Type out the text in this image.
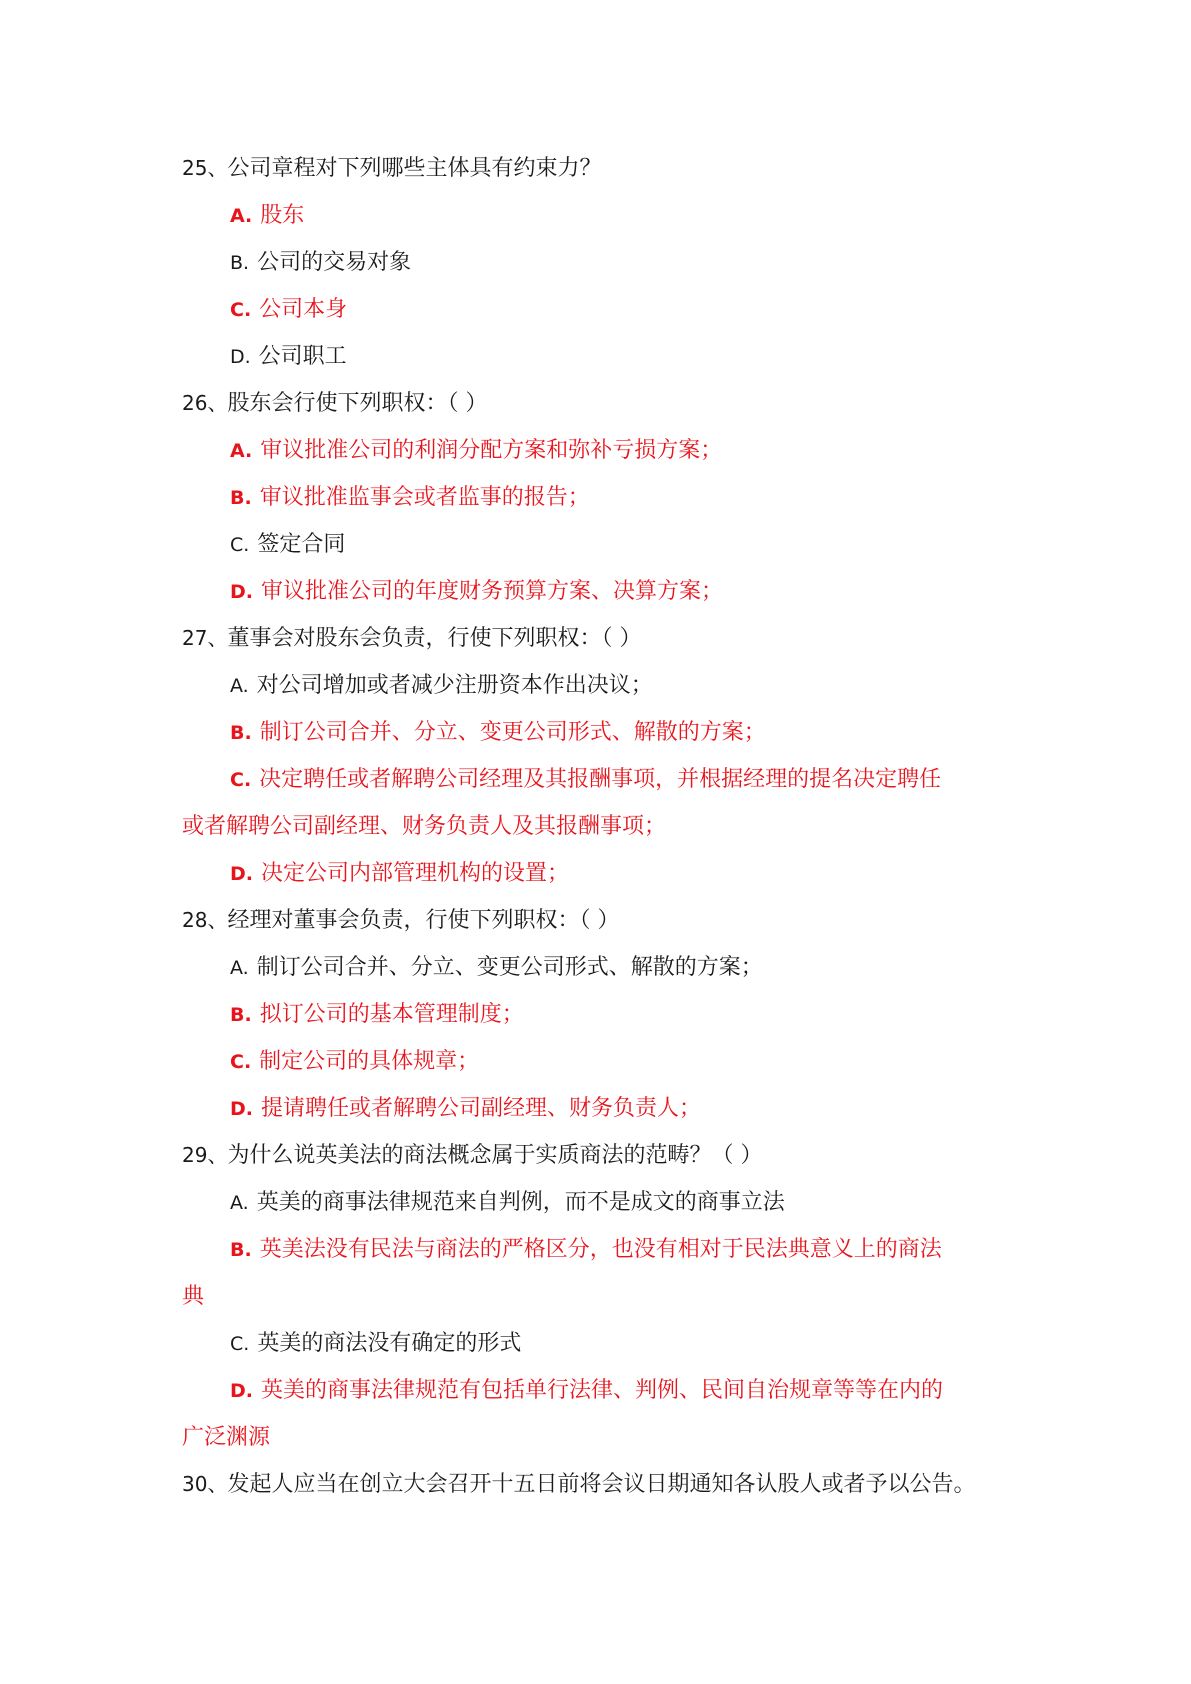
25、公司章程对下列哪些主体具有约束力？
A. 股东
B. 公司的交易对象
C. 公司本身
D. 公司职工
26、股东会行使下列职权：（ ）
A. 审议批准公司的利润分配方案和弥补亏损方案；
B. 审议批准监事会或者监事的报告；
C. 签定合同
D. 审议批准公司的年度财务预算方案、决算方案；
27、董事会对股东会负责，行使下列职权：（ ）
A. 对公司增加或者减少注册资本作出决议；
B. 制订公司合并、分立、变更公司形式、解散的方案；
C. 决定聘任或者解聘公司经理及其报酬事项，并根据经理的提名决定聘任
或者解聘公司副经理、财务负责人及其报酬事项；
D. 决定公司内部管理机构的设置；
28、经理对董事会负责，行使下列职权：（ ）
A. 制订公司合并、分立、变更公司形式、解散的方案；
B. 拟订公司的基本管理制度；
C. 制定公司的具体规章；
D. 提请聘任或者解聘公司副经理、财务负责人；
29、为什么说英美法的商法概念属于实质商法的范畴？（ ）
A. 英美的商事法律规范来自判例，而不是成文的商事立法
B. 英美法没有民法与商法的严格区分，也没有相对于民法典意义上的商法
典
C. 英美的商法没有确定的形式
D. 英美的商事法律规范有包括单行法律、判例、民间自治规章等等在内的
广泛渊源
30、发起人应当在创立大会召开十五日前将会议日期通知各认股人或者予以公告。
